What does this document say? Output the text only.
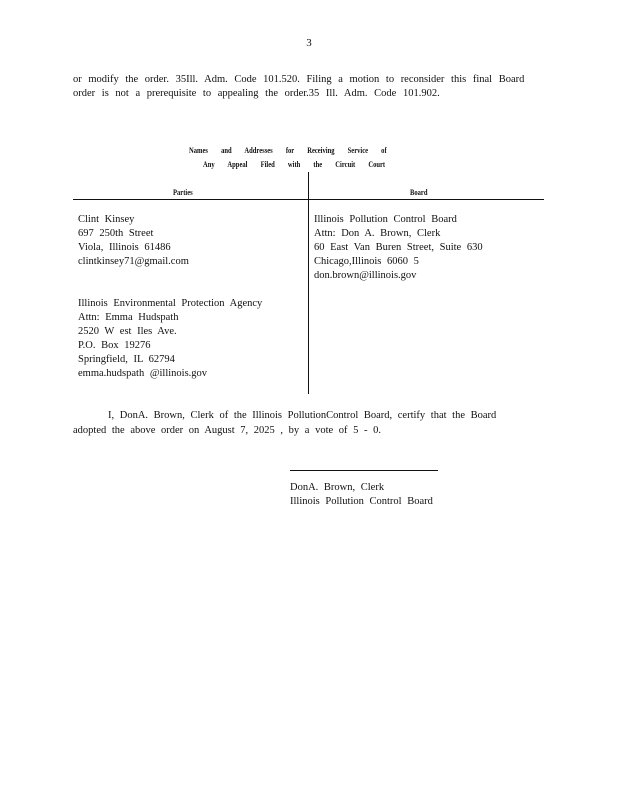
3
or modify the order. 35Ill. Adm. Code 101.520. Filing a motion to reconsider this final Board
order is not a prerequisite to appealing the order.35 Ill. Adm. Code 101.902.
Names and Addresses for Receiving Service of
Any Appeal Filed with the Circuit Court
Parties	Board
Clint Kinsey
697 250th Street
Viola, Illinois 61486
clintkinsey71@gmail.com
Illinois Environmental Protection Agency
Attn: Emma Hudspath
2520 W est Iles Ave.
P.O. Box 19276
Springfield, IL 62794
emma.hudspath @illinois.gov
Illinois Pollution Control Board
Attn: Don A. Brown, Clerk
60 East Van Buren Street, Suite 630
Chicago,Illinois 6060 5
don.brown@illinois.gov
I, DonA. Brown, Clerk of the Illinois PollutionControl Board, certify that the Board
adopted the above order on August 7, 2025 , by a vote of 5 - 0.
DonA. Brown, Clerk
Illinois Pollution Control Board
